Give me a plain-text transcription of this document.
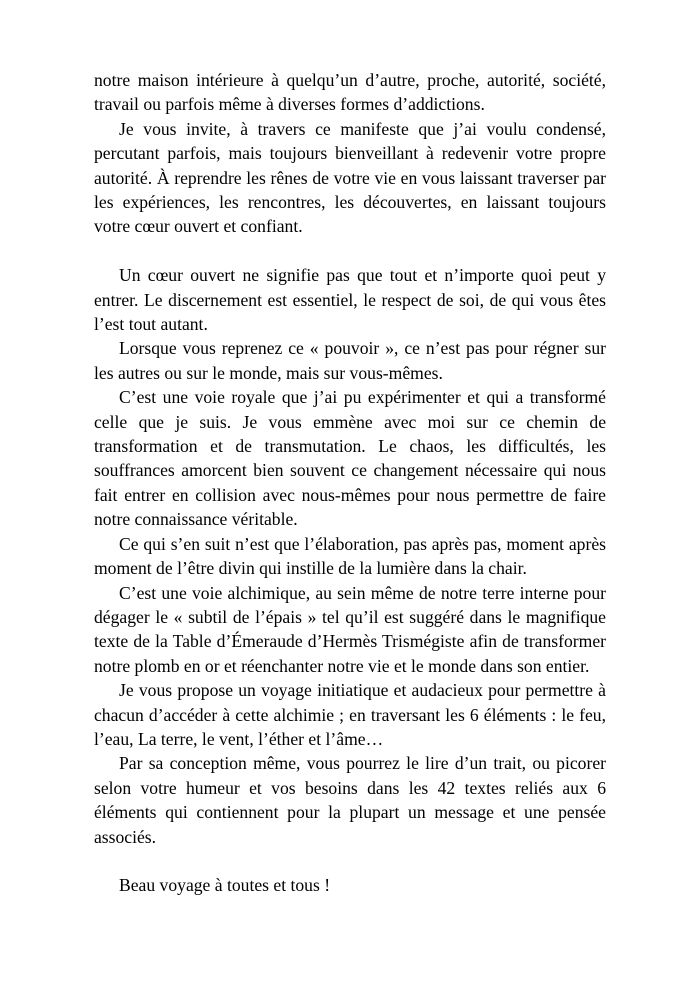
notre maison intérieure à quelqu’un d’autre, proche, autorité, société, travail ou parfois même à diverses formes d’addictions.

Je vous invite, à travers ce manifeste que j’ai voulu condensé, percutant parfois, mais toujours bienveillant à redevenir votre propre autorité. À reprendre les rênes de votre vie en vous laissant traverser par les expériences, les rencontres, les découvertes, en laissant toujours votre cœur ouvert et confiant.

Un cœur ouvert ne signifie pas que tout et n’importe quoi peut y entrer. Le discernement est essentiel, le respect de soi, de qui vous êtes l’est tout autant.

Lorsque vous reprenez ce « pouvoir », ce n’est pas pour régner sur les autres ou sur le monde, mais sur vous-mêmes.

C’est une voie royale que j’ai pu expérimenter et qui a transformé celle que je suis. Je vous emmène avec moi sur ce chemin de transformation et de transmutation. Le chaos, les difficultés, les souffrances amorcent bien souvent ce changement nécessaire qui nous fait entrer en collision avec nous-mêmes pour nous permettre de faire notre connaissance véritable.

Ce qui s’en suit n’est que l’élaboration, pas après pas, moment après moment de l’être divin qui instille de la lumière dans la chair.

C’est une voie alchimique, au sein même de notre terre interne pour dégager le « subtil de l’épais » tel qu’il est suggéré dans le magnifique texte de la Table d’Émeraude d’Hermès Trismégiste afin de transformer notre plomb en or et réenchanter notre vie et le monde dans son entier.

Je vous propose un voyage initiatique et audacieux pour permettre à chacun d’accéder à cette alchimie ; en traversant les 6 éléments : le feu, l’eau, La terre, le vent, l’éther et l’âme…

Par sa conception même, vous pourrez le lire d’un trait, ou picorer selon votre humeur et vos besoins dans les 42 textes reliés aux 6 éléments qui contiennent pour la plupart un message et une pensée associés.

Beau voyage à toutes et tous !
